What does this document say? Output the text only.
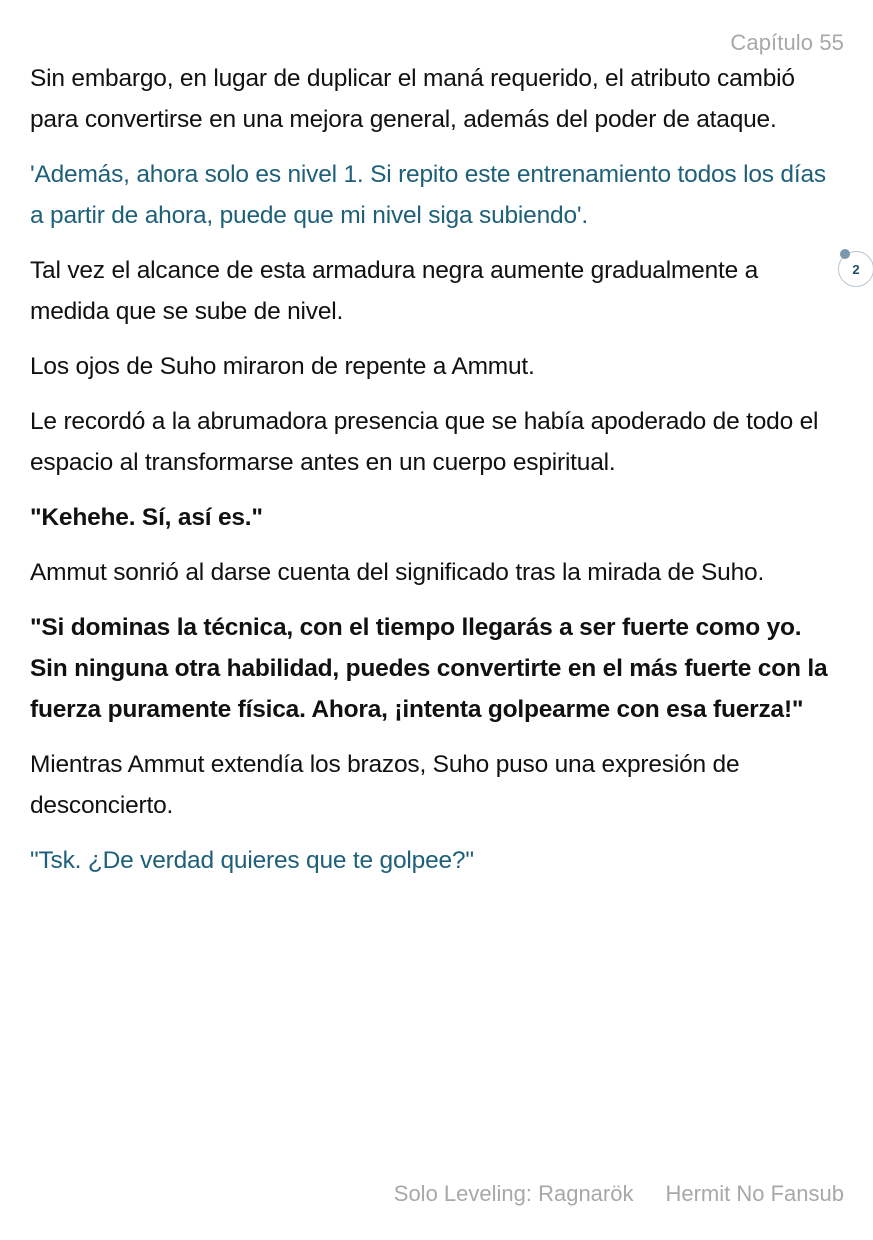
Capítulo 55

Sin embargo, en lugar de duplicar el maná requerido, el atributo cambió para convertirse en una mejora general, además del poder de ataque.

'Además, ahora solo es nivel 1. Si repito este entrenamiento todos los días a partir de ahora, puede que mi nivel siga subiendo'.

Tal vez el alcance de esta armadura negra aumente gradualmente a medida que se sube de nivel.

Los ojos de Suho miraron de repente a Ammut.

Le recordó a la abrumadora presencia que se había apoderado de todo el espacio al transformarse antes en un cuerpo espiritual.

"Kehehe. Sí, así es."

Ammut sonrió al darse cuenta del significado tras la mirada de Suho.

"Si dominas la técnica, con el tiempo llegarás a ser fuerte como yo. Sin ninguna otra habilidad, puedes convertirte en el más fuerte con la fuerza puramente física. Ahora, ¡intenta golpearme con esa fuerza!"

Mientras Ammut extendía los brazos, Suho puso una expresión de desconcierto.

"Tsk. ¿De verdad quieres que te golpee?"

2
Solo Leveling: Ragnarök Hermit No Fansub
